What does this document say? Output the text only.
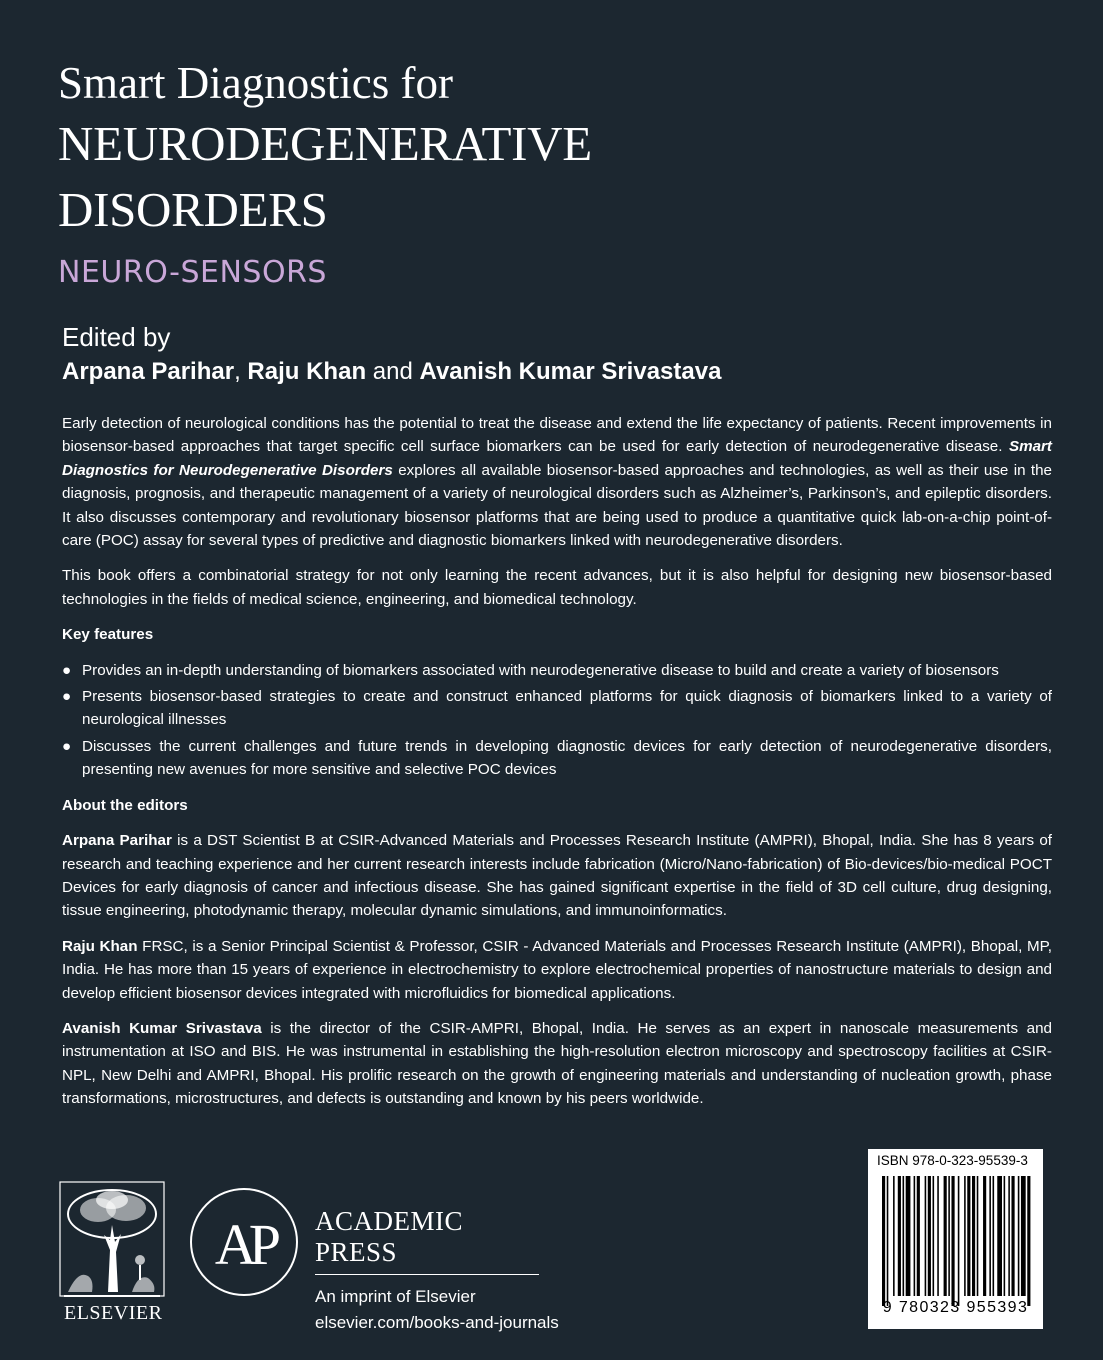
Smart Diagnostics for

NEURODEGENERATIVE

DISORDERS

NEURO-SENSORS

Edited by

Arpana Parihar, Raju Khan and Avanish Kumar Srivastava

Early detection of neurological conditions has the potential to treat the disease and extend the life expectancy of patients. Recent improvements in biosensor-based approaches that target specific cell surface biomarkers can be used for early detection of neurodegenerative disease. Smart Diagnostics for Neurodegenerative Disorders explores all available biosensor-based approaches and technologies, as well as their use in the diagnosis, prognosis, and therapeutic management of a variety of neurological disorders such as Alzheimer’s, Parkinson’s, and epileptic disorders. It also discusses contemporary and revolutionary biosensor platforms that are being used to produce a quantitative quick lab-on-a-chip point-of-care (POC) assay for several types of predictive and diagnostic biomarkers linked with neurodegenerative disorders.

This book offers a combinatorial strategy for not only learning the recent advances, but it is also helpful for designing new biosensor-based technologies in the fields of medical science, engineering, and biomedical technology.

Key features

● Provides an in-depth understanding of biomarkers associated with neurodegenerative disease to build and create a variety of biosensors
● Presents biosensor-based strategies to create and construct enhanced platforms for quick diagnosis of biomarkers linked to a variety of neurological illnesses
● Discusses the current challenges and future trends in developing diagnostic devices for early detection of neurodegenerative disorders, presenting new avenues for more sensitive and selective POC devices

About the editors

Arpana Parihar is a DST Scientist B at CSIR-Advanced Materials and Processes Research Institute (AMPRI), Bhopal, India. She has 8 years of research and teaching experience and her current research interests include fabrication (Micro/Nano-fabrication) of Bio-devices/bio-medical POCT Devices for early diagnosis of cancer and infectious disease. She has gained significant expertise in the field of 3D cell culture, drug designing, tissue engineering, photodynamic therapy, molecular dynamic simulations, and immunoinformatics.

Raju Khan FRSC, is a Senior Principal Scientist & Professor, CSIR - Advanced Materials and Processes Research Institute (AMPRI), Bhopal, MP, India. He has more than 15 years of experience in electrochemistry to explore electrochemical properties of nanostructure materials to design and develop efficient biosensor devices integrated with microfluidics for biomedical applications.

Avanish Kumar Srivastava is the director of the CSIR-AMPRI, Bhopal, India. He serves as an expert in nanoscale measurements and instrumentation at ISO and BIS. He was instrumental in establishing the high-resolution electron microscopy and spectroscopy facilities at CSIR-NPL, New Delhi and AMPRI, Bhopal. His prolific research on the growth of engineering materials and understanding of nucleation growth, phase transformations, microstructures, and defects is outstanding and known by his peers worldwide.

ELSEVIER
AP ACADEMIC PRESS
An imprint of Elsevier
elsevier.com/books-and-journals
ISBN 978-0-323-95539-3
9 780323 955393
